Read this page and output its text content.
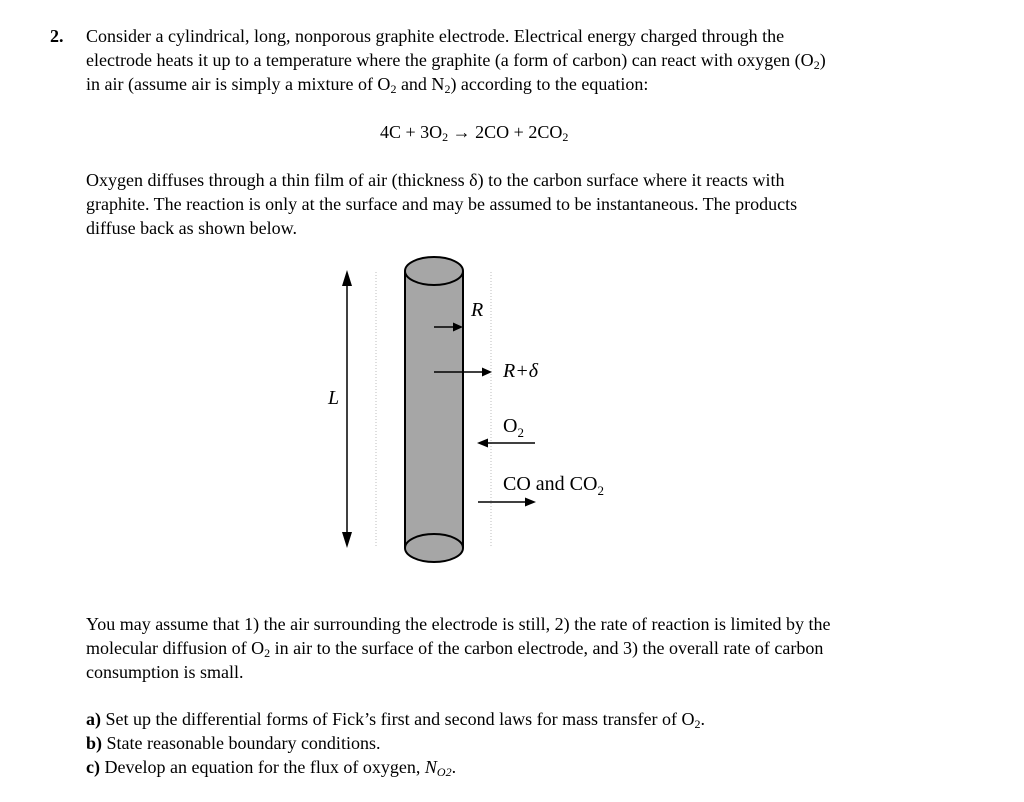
2. Consider a cylindrical, long, nonporous graphite electrode. Electrical energy charged through the
electrode heats it up to a temperature where the graphite (a form of carbon) can react with oxygen $(O_2)$
in air (assume air is simply a mixture of $O_2$ and $N_2$) according to the equation:
$4C + 3O_2 \to 2CO + 2CO_2$
Oxygen diffuses through a thin film of air (thickness δ) to the carbon surface where it reacts with
graphite. The reaction is only at the surface and may be assumed to be instantaneous. The products
diffuse back as shown below.
R
R+δ
L
$O_2$
CO and $CO_2$
You may assume that 1) the air surrounding the electrode is still, 2) the rate of reaction is limited by the
molecular diffusion of $O_2$ in air to the surface of the carbon electrode, and 3) the overall rate of carbon
consumption is small.
a) Set up the differential forms of Fick’s first and second laws for mass transfer of $O_2$.
b) State reasonable boundary conditions.
c) Develop an equation for the flux of oxygen, $N_{O2}$.
